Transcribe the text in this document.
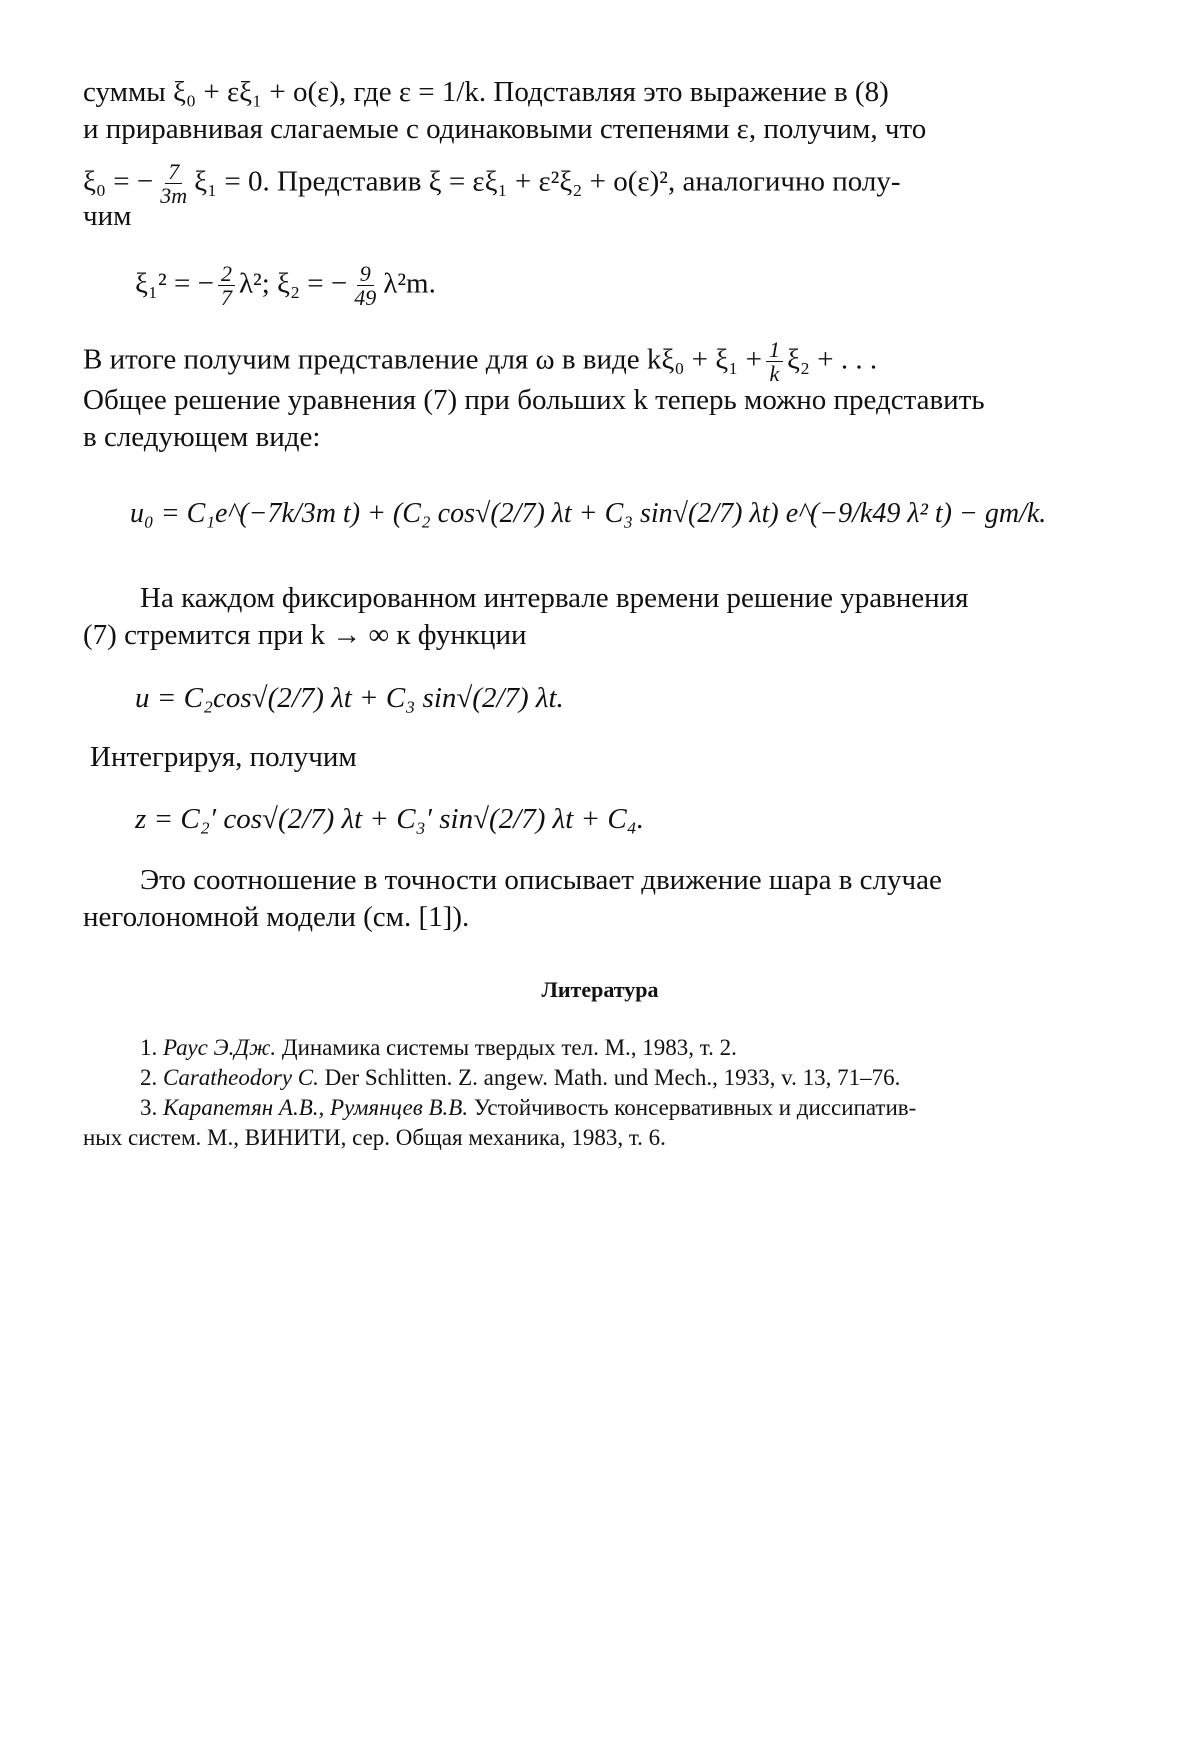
суммы ξ₀ + εξ₁ + o(ε), где ε = 1/k. Подставляя это выражение в (8)
и приравнивая слагаемые с одинаковыми степенями ε, получим, что
ξ₀ = − $\frac{7}{3m} \xi_1 = 0$. Представив ξ = εξ₁ + ε²ξ₂ + o(ε)², аналогично полу-
чим
ξ₁² = − $\frac{2}{7} \lambda^2$; ξ₂ = − $\frac{9}{49} \lambda^2m$.
В итоге получим представление для ω в виде $k\xi_0 + \xi_1 + \frac{1}{k} \xi_2$ + . . .
Общее решение уравнения (7) при больших k теперь можно представить
в следующем виде:
u₀ = C₁e^(−7k/3m t) + (C₂ cos√(2/7) λt + C₃ sin√(2/7) λt) e^(−9/k49 λ² t) − gm/k.
На каждом фиксированном интервале времени решение уравнения
(7) стремится при k → ∞ к функции
u = C₂cos√(2/7) λt + C₃ sin√(2/7) λt.
Интегрируя, получим
z = C₂′ cos√(2/7) λt + C₃′ sin√(2/7) λt + C₄.
Это соотношение в точности описывает движение шара в случае
неголономной модели (см. [1]).
Литература
1. Раус Э.Дж. Динамика системы твердых тел. М., 1983, т. 2.
2. Caratheodory C. Der Schlitten. Z. angew. Math. und Mech., 1933, v. 13, 71–76.
3. Карапетян А.В., Румянцев В.В. Устойчивость консервативных и диссипатив-
ных систем. М., ВИНИТИ, сер. Общая механика, 1983, т. 6.
